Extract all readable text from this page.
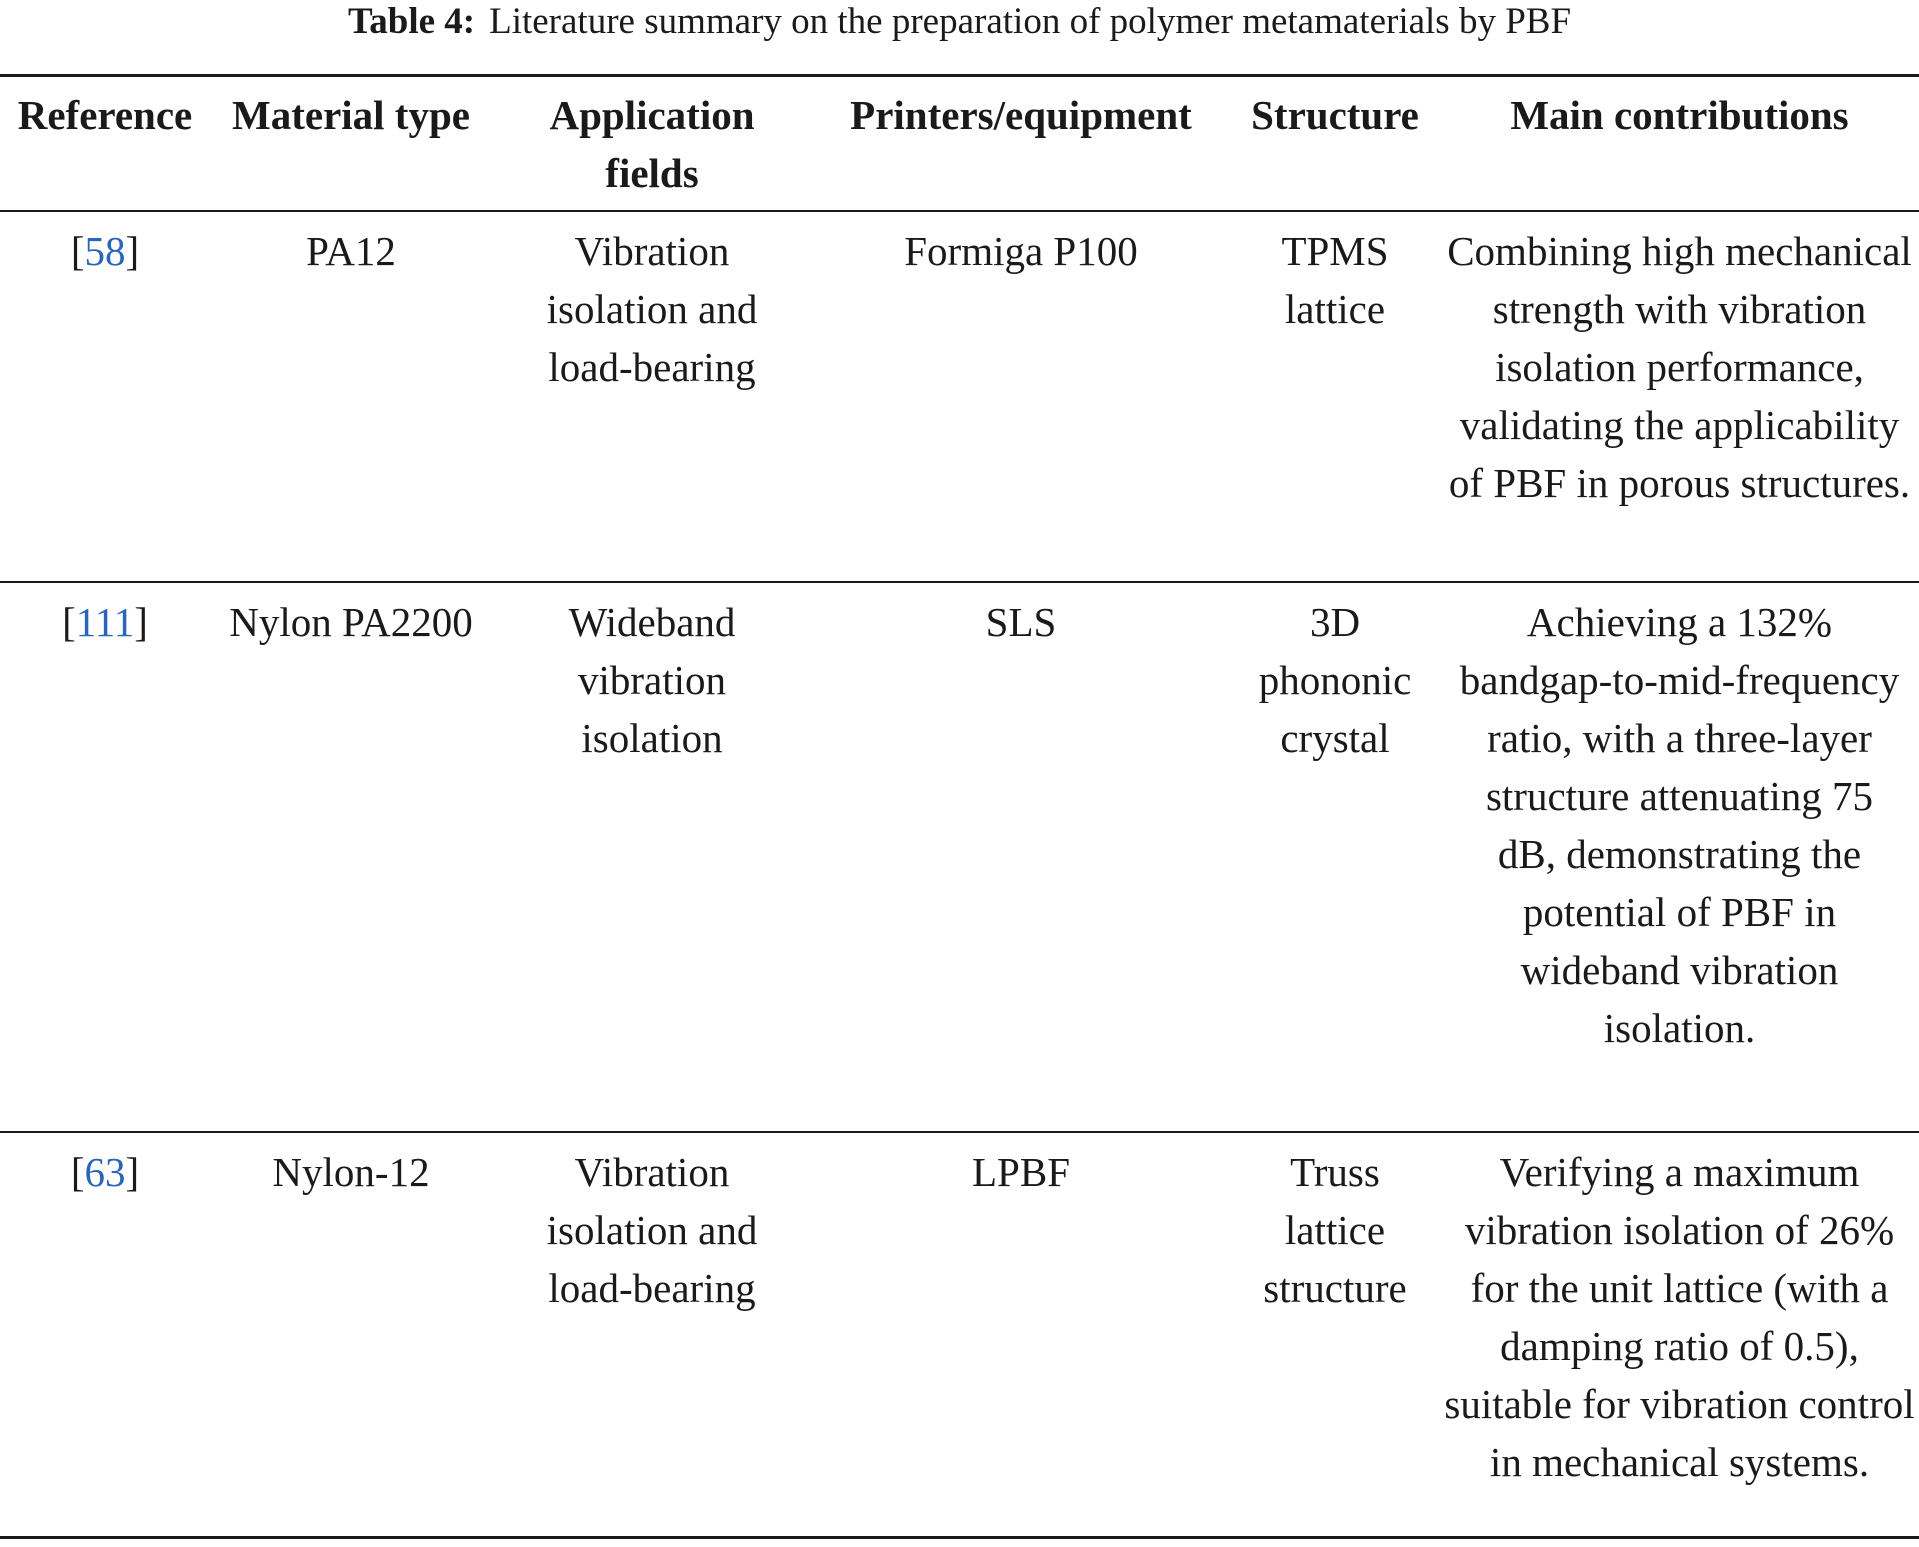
Table 4: Literature summary on the preparation of polymer metamaterials by PBF
Reference	Material type	Application fields	Printers/equipment	Structure	Main contributions
[58]	PA12	Vibration isolation and load-bearing	Formiga P100	TPMS lattice	Combining high mechanical strength with vibration isolation performance, validating the applicability of PBF in porous structures.
[111]	Nylon PA2200	Wideband vibration isolation	SLS	3D phononic crystal	Achieving a 132% bandgap-to-mid-frequency ratio, with a three-layer structure attenuating 75 dB, demonstrating the potential of PBF in wideband vibration isolation.

[63]	Nylon-12	Vibration isolation and load-bearing	LPBF	Truss lattice structure	Verifying a maximum vibration isolation of 26% for the unit lattice (with a damping ratio of 0.5), suitable for vibration control in mechanical systems.
